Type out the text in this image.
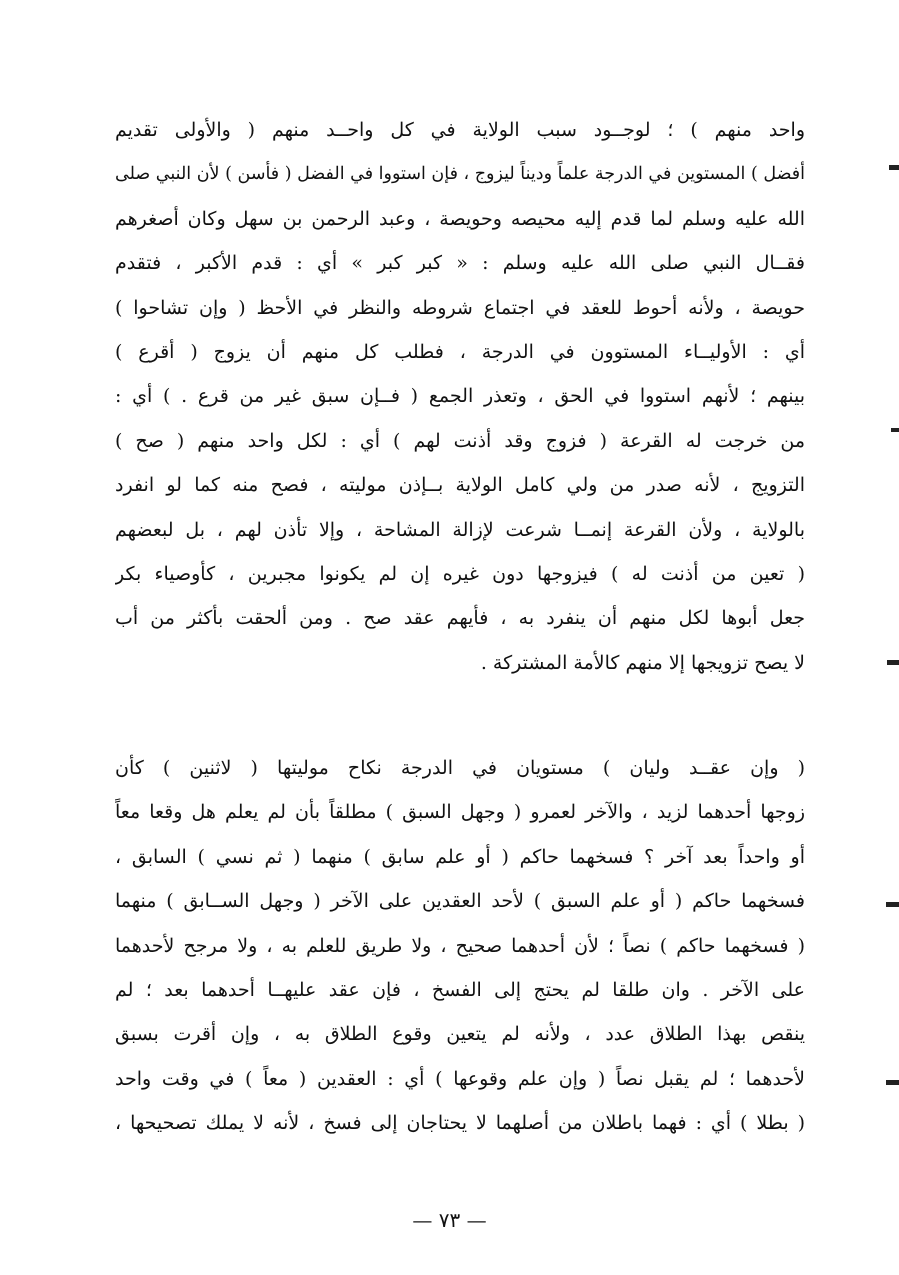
واحد منهم ) ؛ لوجــود سبب الولاية في كل واحــد منهم ( والأولى تقديم
أفضل ) المستوين في الدرجة علماً وديناً ليزوج ، فإن استووا في الفضل ( فأسن ) لأن النبي صلى
الله عليه وسلم لما قدم إليه محيصه وحويصة ، وعبد الرحمن بن سهل وكان أصغرهم
فقــال النبي صلى الله عليه وسلم : « كبر كبر » أي : قدم الأكبر ، فتقدم
حويصة ، ولأنه أحوط للعقد في اجتماع شروطه والنظر في الأحظ ( وإن تشاحوا )
أي : الأوليــاء المستوون في الدرجة ، فطلب كل منهم أن يزوج ( أقرع )
بينهم ؛ لأنهم استووا في الحق ، وتعذر الجمع ( فــإن سبق غير من قرع . ) أي :
من خرجت له القرعة ( فزوج وقد أذنت لهم ) أي : لكل واحد منهم ( صح )
التزويج ، لأنه صدر من ولي كامل الولاية بــإذن موليته ، فصح منه كما لو انفرد
بالولاية ، ولأن القرعة إنمــا شرعت لإزالة المشاحة ، وإلا تأذن لهم ، بل لبعضهم
( تعين من أذنت له ) فيزوجها دون غيره إن لم يكونوا مجبرين ، كأوصياء بكر
جعل أبوها لكل منهم أن ينفرد به ، فأيهم عقد صح . ومن ألحقت بأكثر من أب
لا يصح تزويجها إلا منهم كالأمة المشتركة .
( وإن عقــد وليان ) مستويان في الدرجة نكاح موليتها ( لاثنين ) كأن
زوجها أحدهما لزيد ، والآخر لعمرو ( وجهل السبق ) مطلقاً بأن لم يعلم هل وقعا معاً
أو واحداً بعد آخر ؟ فسخهما حاكم ( أو علم سابق ) منهما ( ثم نسي ) السابق ،
فسخهما حاكم ( أو علم السبق ) لأحد العقدين على الآخر ( وجهل الســابق ) منهما
( فسخهما حاكم ) نصاً ؛ لأن أحدهما صحيح ، ولا طريق للعلم به ، ولا مرجح لأحدهما
على الآخر . وان طلقا لم يحتج إلى الفسخ ، فإن عقد عليهــا أحدهما بعد ؛ لم
ينقص بهذا الطلاق عدد ، ولأنه لم يتعين وقوع الطلاق به ، وإن أقرت بسبق
لأحدهما ؛ لم يقبل نصاً ( وإن علم وقوعها ) أي : العقدين ( معاً ) في وقت واحد
( بطلا ) أي : فهما باطلان من أصلهما لا يحتاجان إلى فسخ ، لأنه لا يملك تصحيحها ،
— ٧٣ —
